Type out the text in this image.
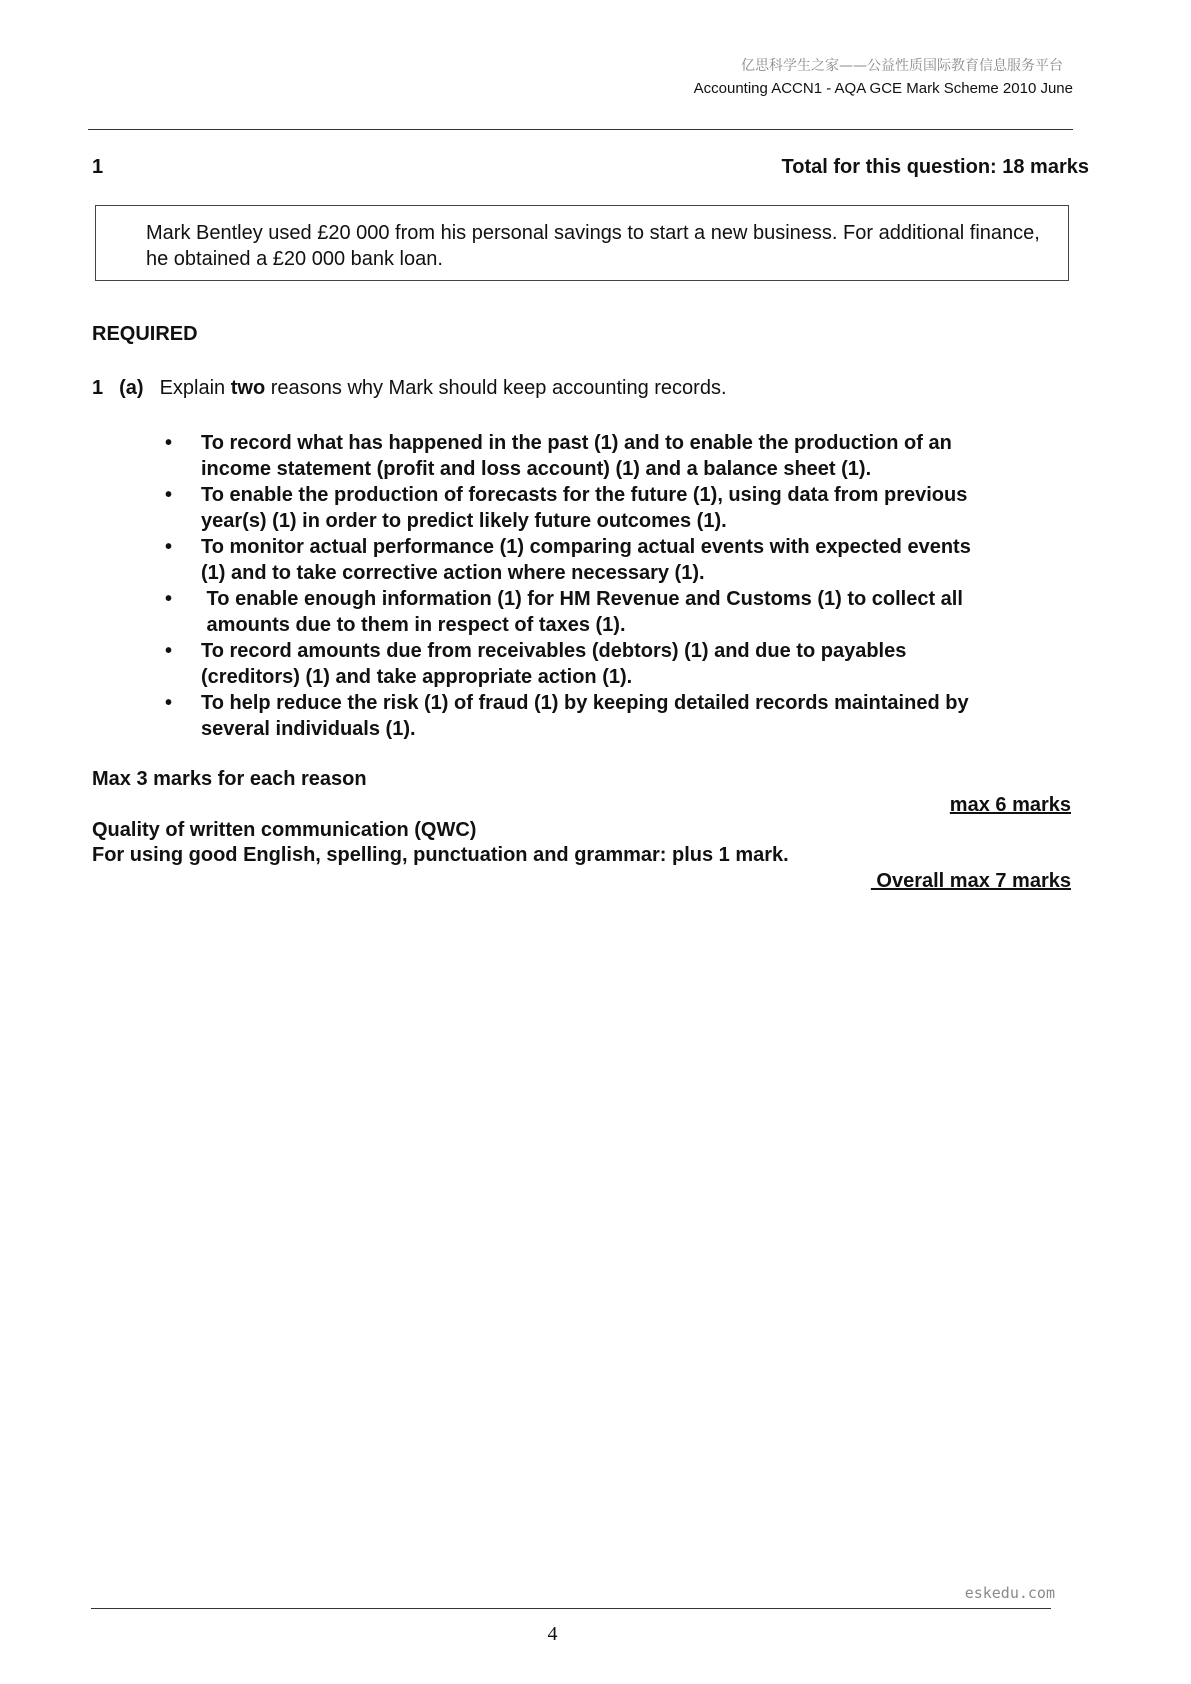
亿思科学生之家——公益性质国际教育信息服务平台
Accounting ACCN1 - AQA GCE Mark Scheme 2010 June
1	Total for this question: 18 marks
Mark Bentley used £20 000 from his personal savings to start a new business. For additional finance, he obtained a £20 000 bank loan.
REQUIRED
1 (a) Explain two reasons why Mark should keep accounting records.
• To record what has happened in the past (1) and to enable the production of an
income statement (profit and loss account) (1) and a balance sheet (1).
• To enable the production of forecasts for the future (1), using data from previous
year(s) (1) in order to predict likely future outcomes (1).
• To monitor actual performance (1) comparing actual events with expected events
(1) and to take corrective action where necessary (1).
• To enable enough information (1) for HM Revenue and Customs (1) to collect all
amounts due to them in respect of taxes (1).
• To record amounts due from receivables (debtors) (1) and due to payables
(creditors) (1) and take appropriate action (1).
• To help reduce the risk (1) of fraud (1) by keeping detailed records maintained by
several individuals (1).
Max 3 marks for each reason
max 6 marks
Quality of written communication (QWC)
For using good English, spelling, punctuation and grammar: plus 1 mark.
Overall max 7 marks
eskedu.com
4
